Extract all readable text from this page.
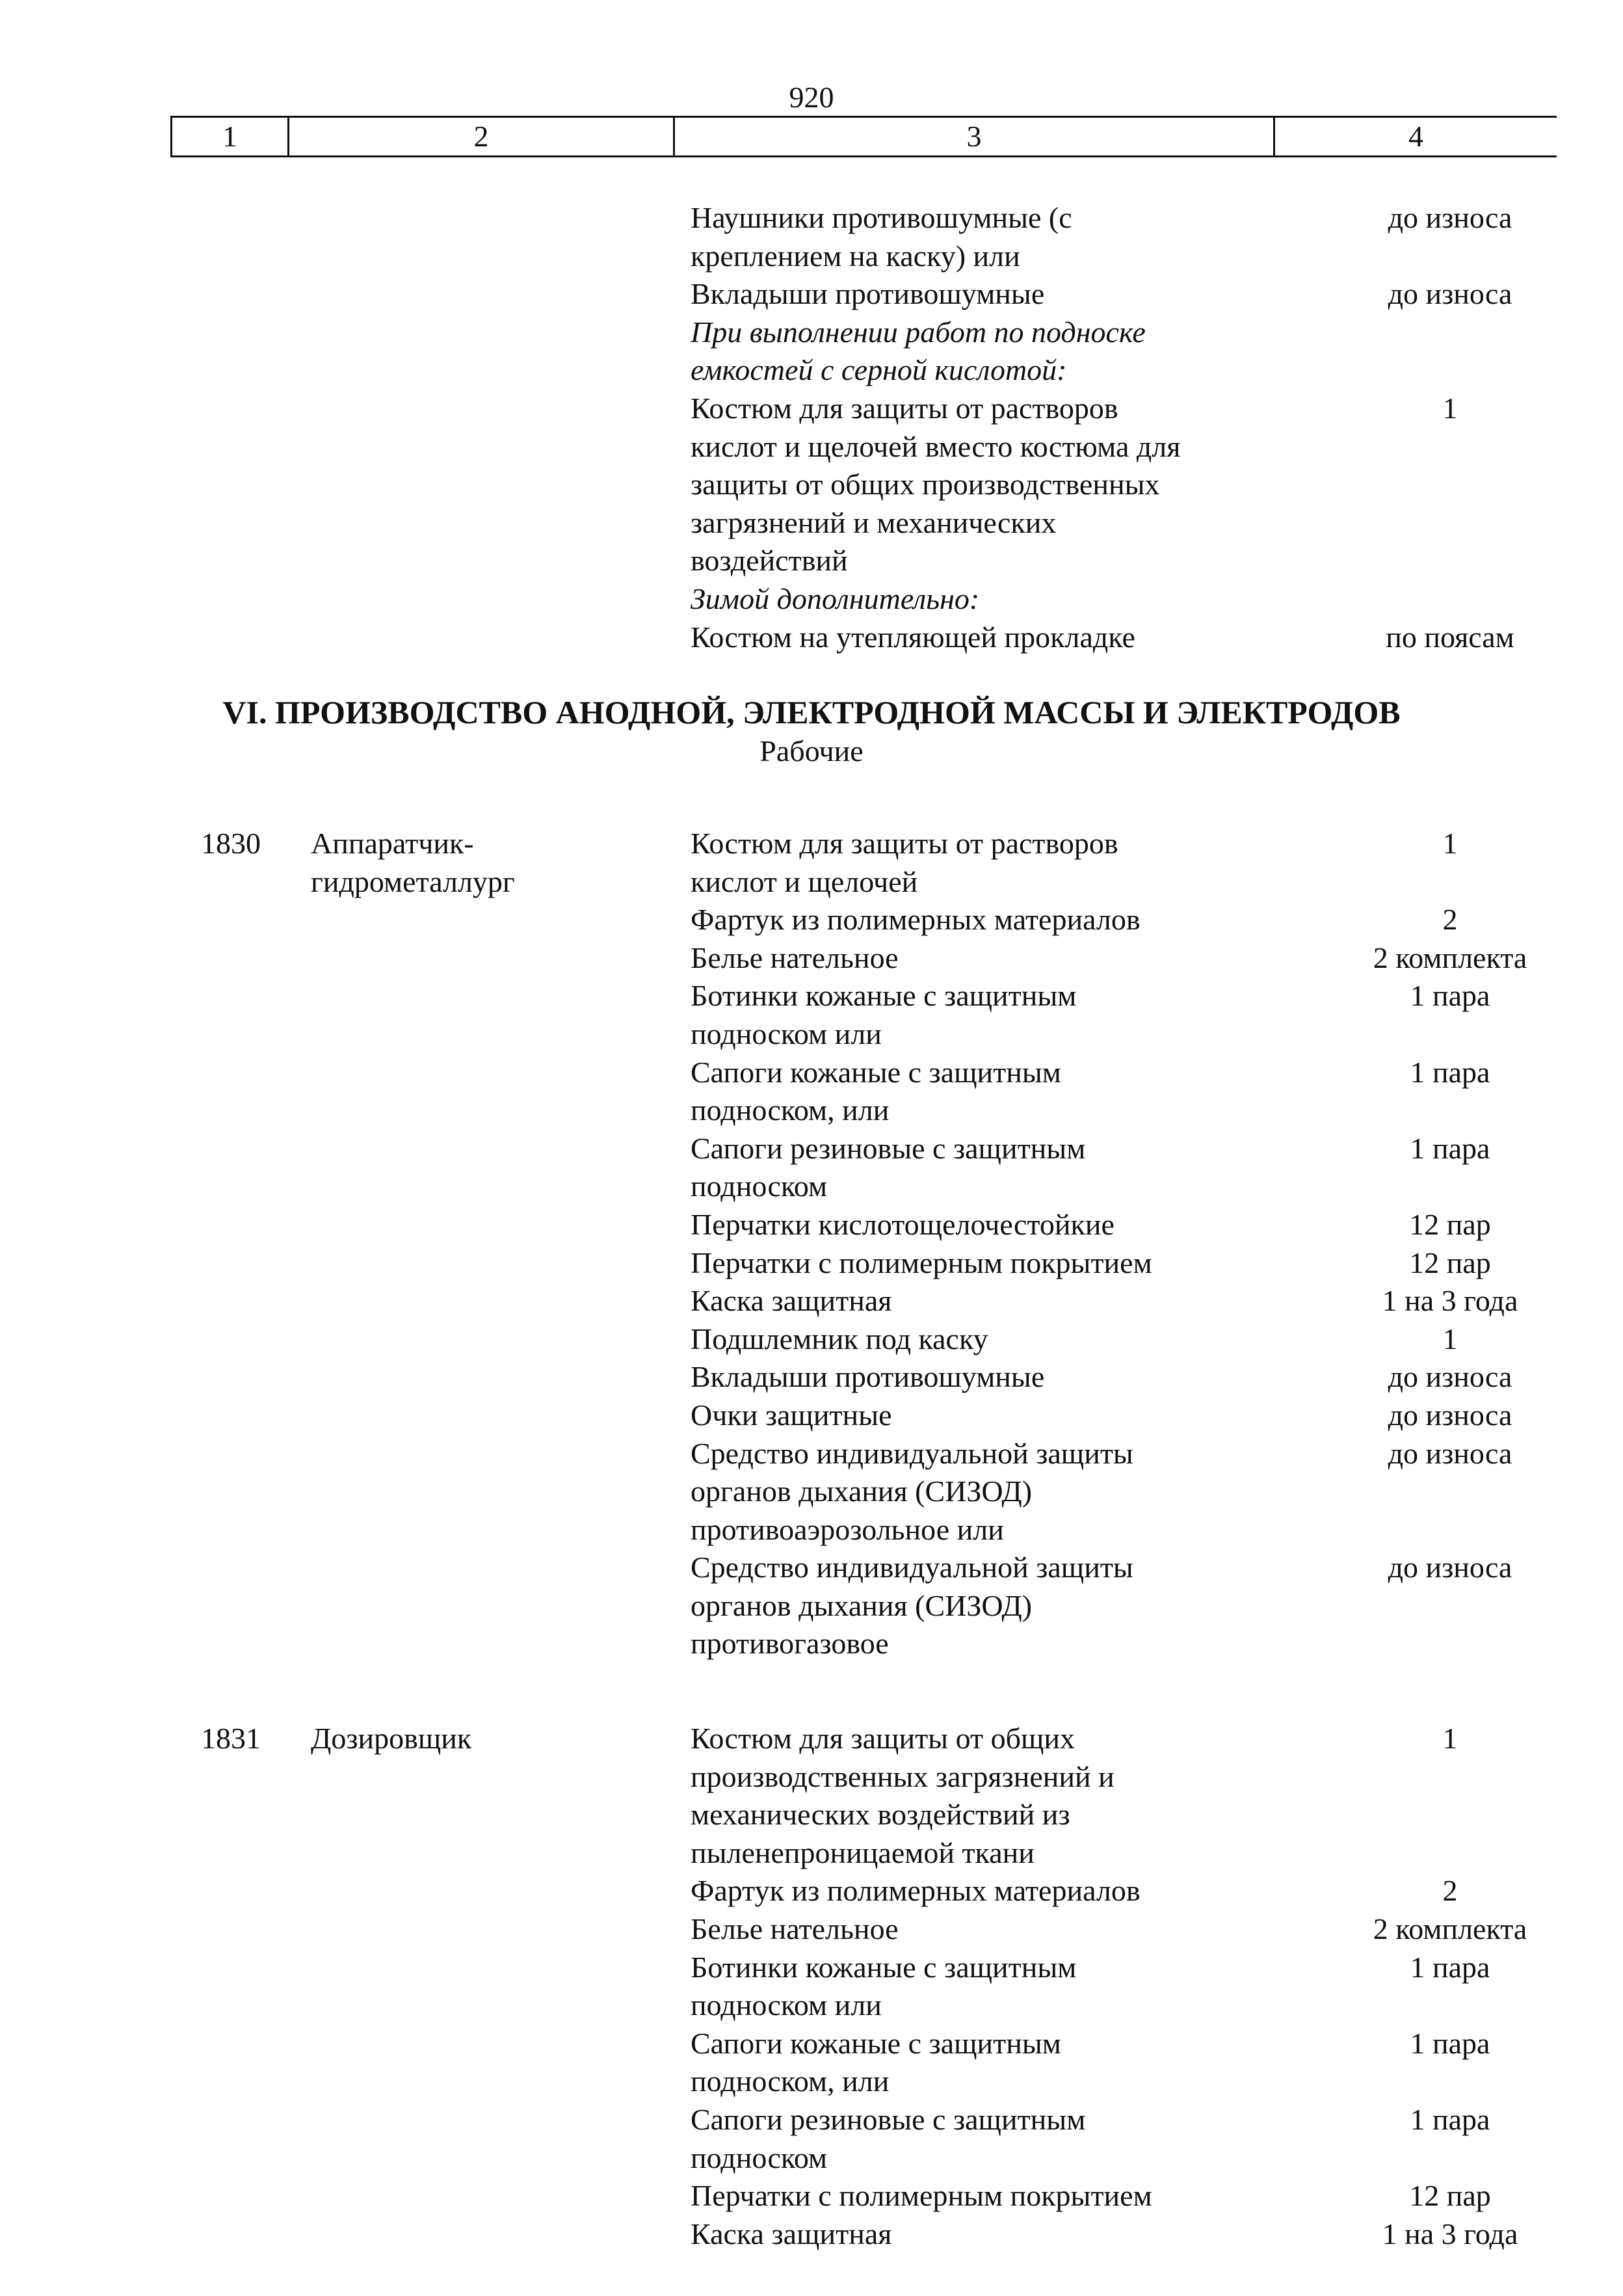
920
1	2	3	4
Наушники противошумные (с	до износа
креплением на каску) или
Вкладыши противошумные	до износа
При выполнении работ по подноске
емкостей с серной кислотой:
Костюм для защиты от растворов	1
кислот и щелочей вместо костюма для
защиты от общих производственных
загрязнений и механических
воздействий
Зимой дополнительно:
Костюм на утепляющей прокладке	по поясам
VI. ПРОИЗВОДСТВО АНОДНОЙ, ЭЛЕКТРОДНОЙ МАССЫ И ЭЛЕКТРОДОВ
Рабочие
1830	Аппаратчик-	Костюм для защиты от растворов	1
гидрометаллург	кислот и щелочей
Фартук из полимерных материалов	2
Белье нательное	2 комплекта
Ботинки кожаные с защитным	1 пара
подноском или
Сапоги кожаные с защитным	1 пара
подноском, или
Сапоги резиновые с защитным	1 пара
подноском
Перчатки кислотощелочестойкие	12 пар
Перчатки с полимерным покрытием	12 пар
Каска защитная	1 на 3 года
Подшлемник под каску	1
Вкладыши противошумные	до износа
Очки защитные	до износа
Средство индивидуальной защиты	до износа
органов дыхания (СИЗОД)
противоаэрозольное или
Средство индивидуальной защиты	до износа
органов дыхания (СИЗОД)
противогазовое
1831	Дозировщик	Костюм для защиты от общих	1
производственных загрязнений и
механических воздействий из
пыленепроницаемой ткани
Фартук из полимерных материалов	2
Белье нательное	2 комплекта
Ботинки кожаные с защитным	1 пара
подноском или
Сапоги кожаные с защитным	1 пара
подноском, или
Сапоги резиновые с защитным	1 пара
подноском
Перчатки с полимерным покрытием	12 пар
Каска защитная	1 на 3 года
